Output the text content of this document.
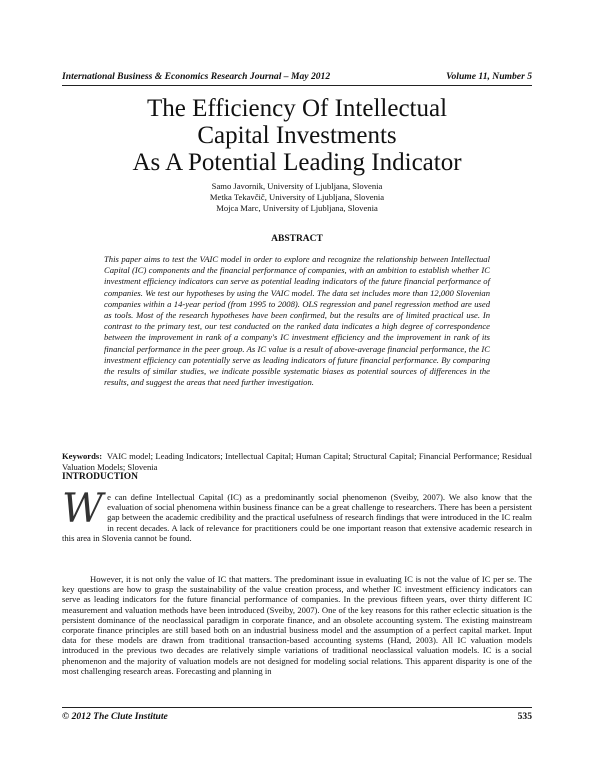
International Business & Economics Research Journal – May 2012	Volume 11, Number 5
The Efficiency Of Intellectual
Capital Investments
As A Potential Leading Indicator
Samo Javornik, University of Ljubljana, Slovenia
Metka Tekavčič, University of Ljubljana, Slovenia
Mojca Marc, University of Ljubljana, Slovenia
ABSTRACT
This paper aims to test the VAIC model in order to explore and recognize the relationship between Intellectual Capital (IC) components and the financial performance of companies, with an ambition to establish whether IC investment efficiency indicators can serve as potential leading indicators of the future financial performance of companies. We test our hypotheses by using the VAIC model. The data set includes more than 12,000 Slovenian companies within a 14-year period (from 1995 to 2008). OLS regression and panel regression method are used as tools. Most of the research hypotheses have been confirmed, but the results are of limited practical use. In contrast to the primary test, our test conducted on the ranked data indicates a high degree of correspondence between the improvement in rank of a company's IC investment efficiency and the improvement in rank of its financial performance in the peer group. As IC value is a result of above-average financial performance, the IC investment efficiency can potentially serve as leading indicators of future financial performance. By comparing the results of similar studies, we indicate possible systematic biases as potential sources of differences in the results, and suggest the areas that need further investigation.
Keywords: VAIC model; Leading Indicators; Intellectual Capital; Human Capital; Structural Capital; Financial Performance; Residual Valuation Models; Slovenia
INTRODUCTION
We can define Intellectual Capital (IC) as a predominantly social phenomenon (Sveiby, 2007). We also know that the evaluation of social phenomena within business finance can be a great challenge to researchers. There has been a persistent gap between the academic credibility and the practical usefulness of research findings that were introduced in the IC realm in recent decades. A lack of relevance for practitioners could be one important reason that extensive academic research in this area in Slovenia cannot be found.
However, it is not only the value of IC that matters. The predominant issue in evaluating IC is not the value of IC per se. The key questions are how to grasp the sustainability of the value creation process, and whether IC investment efficiency indicators can serve as leading indicators for the future financial performance of companies. In the previous fifteen years, over thirty different IC measurement and valuation methods have been introduced (Sveiby, 2007). One of the key reasons for this rather eclectic situation is the persistent dominance of the neoclassical paradigm in corporate finance, and an obsolete accounting system. The existing mainstream corporate finance principles are still based both on an industrial business model and the assumption of a perfect capital market. Input data for these models are drawn from traditional transaction-based accounting systems (Hand, 2003). All IC valuation models introduced in the previous two decades are relatively simple variations of traditional neoclassical valuation models. IC is a social phenomenon and the majority of valuation models are not designed for modeling social relations. This apparent disparity is one of the most challenging research areas. Forecasting and planning in
© 2012 The Clute Institute	535
